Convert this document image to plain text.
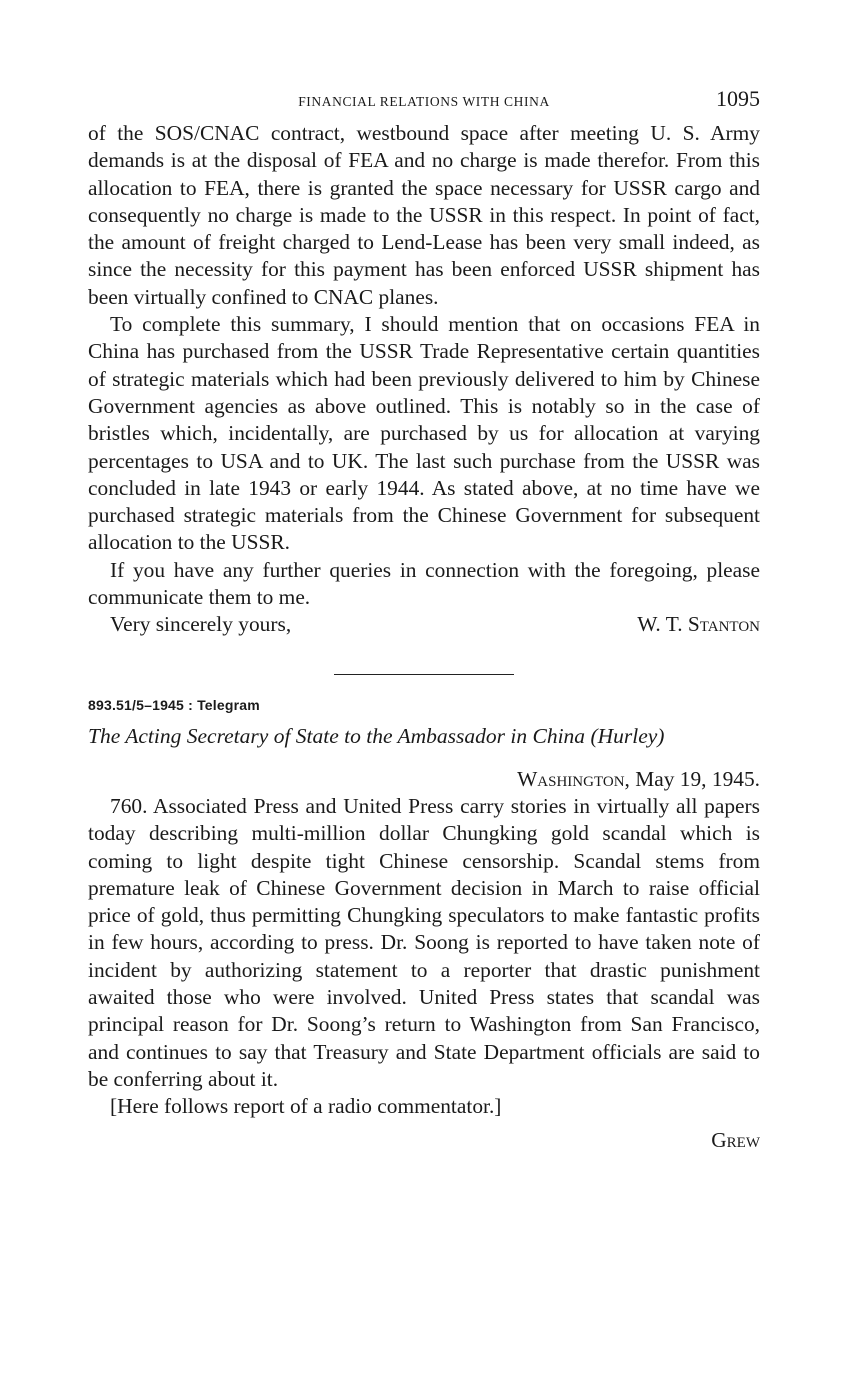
FINANCIAL RELATIONS WITH CHINA	1095

of the SOS/CNAC contract, westbound space after meeting U. S. Army demands is at the disposal of FEA and no charge is made therefor. From this allocation to FEA, there is granted the space necessary for USSR cargo and consequently no charge is made to the USSR in this respect. In point of fact, the amount of freight charged to Lend-Lease has been very small indeed, as since the necessity for this payment has been enforced USSR shipment has been virtually confined to CNAC planes.

To complete this summary, I should mention that on occasions FEA in China has purchased from the USSR Trade Representative certain quantities of strategic materials which had been previously delivered to him by Chinese Government agencies as above outlined. This is notably so in the case of bristles which, incidentally, are purchased by us for allocation at varying percentages to USA and to UK. The last such purchase from the USSR was concluded in late 1943 or early 1944. As stated above, at no time have we purchased strategic materials from the Chinese Government for subsequent allocation to the USSR.

If you have any further queries in connection with the foregoing, please communicate them to me.

Very sincerely yours,	W. T. Stanton
893.51/5–1945 : Telegram
The Acting Secretary of State to the Ambassador in China (Hurley)
Washington, May 19, 1945.

760. Associated Press and United Press carry stories in virtually all papers today describing multi-million dollar Chungking gold scandal which is coming to light despite tight Chinese censorship. Scandal stems from premature leak of Chinese Government decision in March to raise official price of gold, thus permitting Chungking speculators to make fantastic profits in few hours, according to press. Dr. Soong is reported to have taken note of incident by authorizing statement to a reporter that drastic punishment awaited those who were involved. United Press states that scandal was principal reason for Dr. Soong’s return to Washington from San Francisco, and continues to say that Treasury and State Department officials are said to be conferring about it.

[Here follows report of a radio commentator.]

Grew
